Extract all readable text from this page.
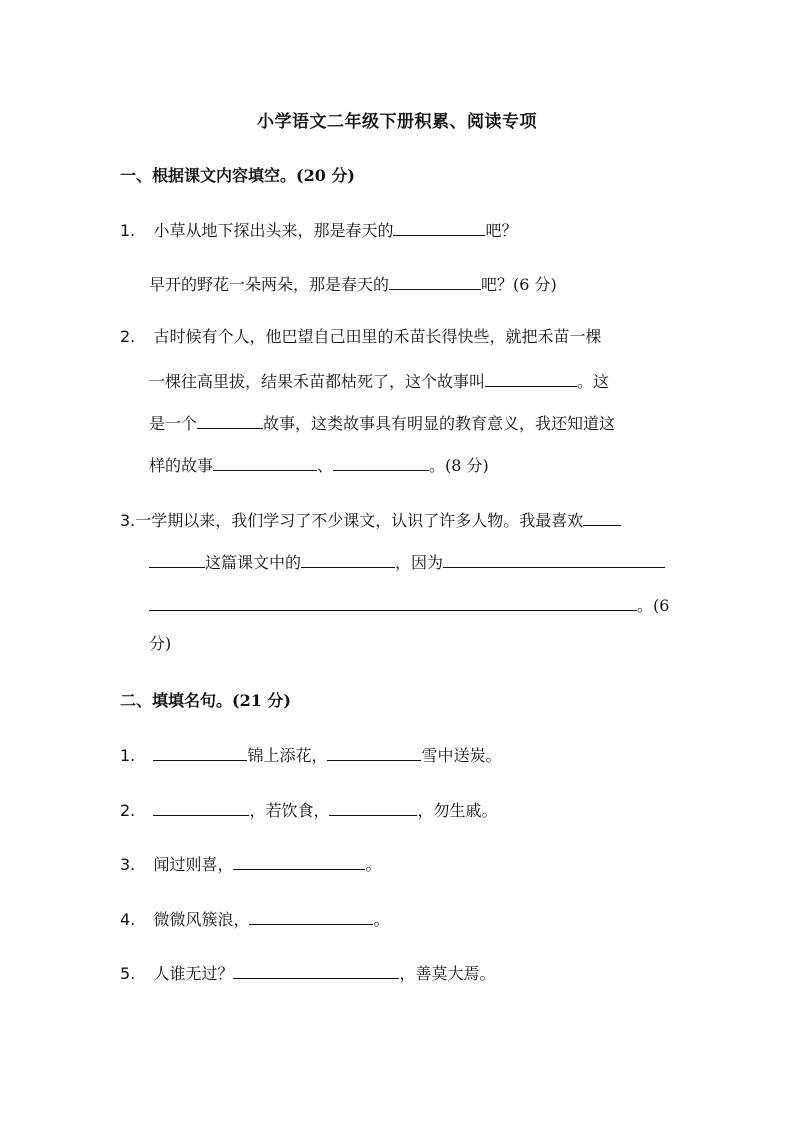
小学语文二年级下册积累、阅读专项
一、根据课文内容填空。(20 分)
1. 小草从地下探出头来，那是春天的	吧？
早开的野花一朵两朵，那是春天的	吧？(6 分)
2. 古时候有个人，他巴望自己田里的禾苗长得快些，就把禾苗一棵
一棵往高里拔，结果禾苗都枯死了，这个故事叫	。这
是一个	故事，这类故事具有明显的教育意义，我还知道这
样的故事	、	。(8 分)
3.一学期以来，我们学习了不少课文，认识了许多人物。我最喜欢
这篇课文中的	，因为
。(6
分)
二、填填名句。(21 分)
1.	锦上添花，	雪中送炭。
2.	，若饮食，	，勿生戚。
3. 闻过则喜，	。
4. 微微风簇浪，	。
5. 人谁无过？	，善莫大焉。
